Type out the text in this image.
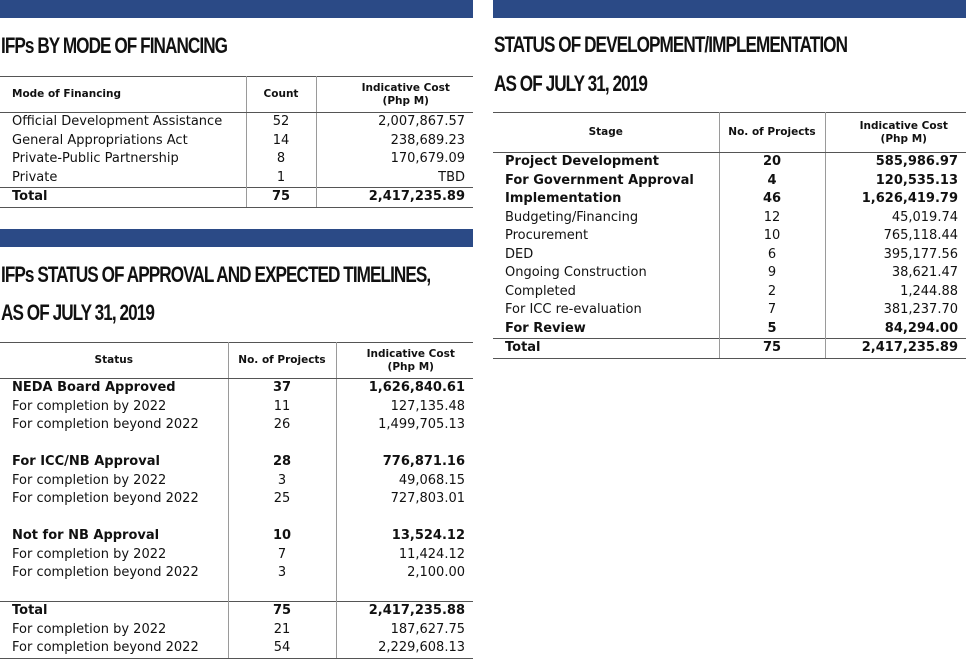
IFPs BY MODE OF FINANCING
IFPs STATUS OF APPROVAL AND EXPECTED TIMELINES,
AS OF JULY 31, 2019
STATUS OF DEVELOPMENT/IMPLEMENTATION
AS OF JULY 31, 2019
Mode of Financing	Count	Indicative Cost (Php M)
Official Development Assistance	52	2,007,867.57
General Appropriations Act	14	238,689.23
Private-Public Partnership	8	170,679.09
Private	1	TBD
Total	75	2,417,235.89
Status	No. of Projects	Indicative Cost (Php M)
NEDA Board Approved	37	1,626,840.61
For completion by 2022	11	127,135.48
For completion beyond 2022	26	1,499,705.13

For ICC/NB Approval	28	776,871.16
For completion by 2022	3	49,068.15
For completion beyond 2022	25	727,803.01

Not for NB Approval	10	13,524.12
For completion by 2022	7	11,424.12
For completion beyond 2022	3	2,100.00

Total	75	2,417,235.88
For completion by 2022	21	187,627.75
For completion beyond 2022	54	2,229,608.13
Stage	No. of Projects	Indicative Cost (Php M)
Project Development	20	585,986.97
For Government Approval	4	120,535.13
Implementation	46	1,626,419.79
Budgeting/Financing	12	45,019.74
Procurement	10	765,118.44
DED	6	395,177.56
Ongoing Construction	9	38,621.47
Completed	2	1,244.88
For ICC re-evaluation	7	381,237.70
For Review	5	84,294.00
Total	75	2,417,235.89
